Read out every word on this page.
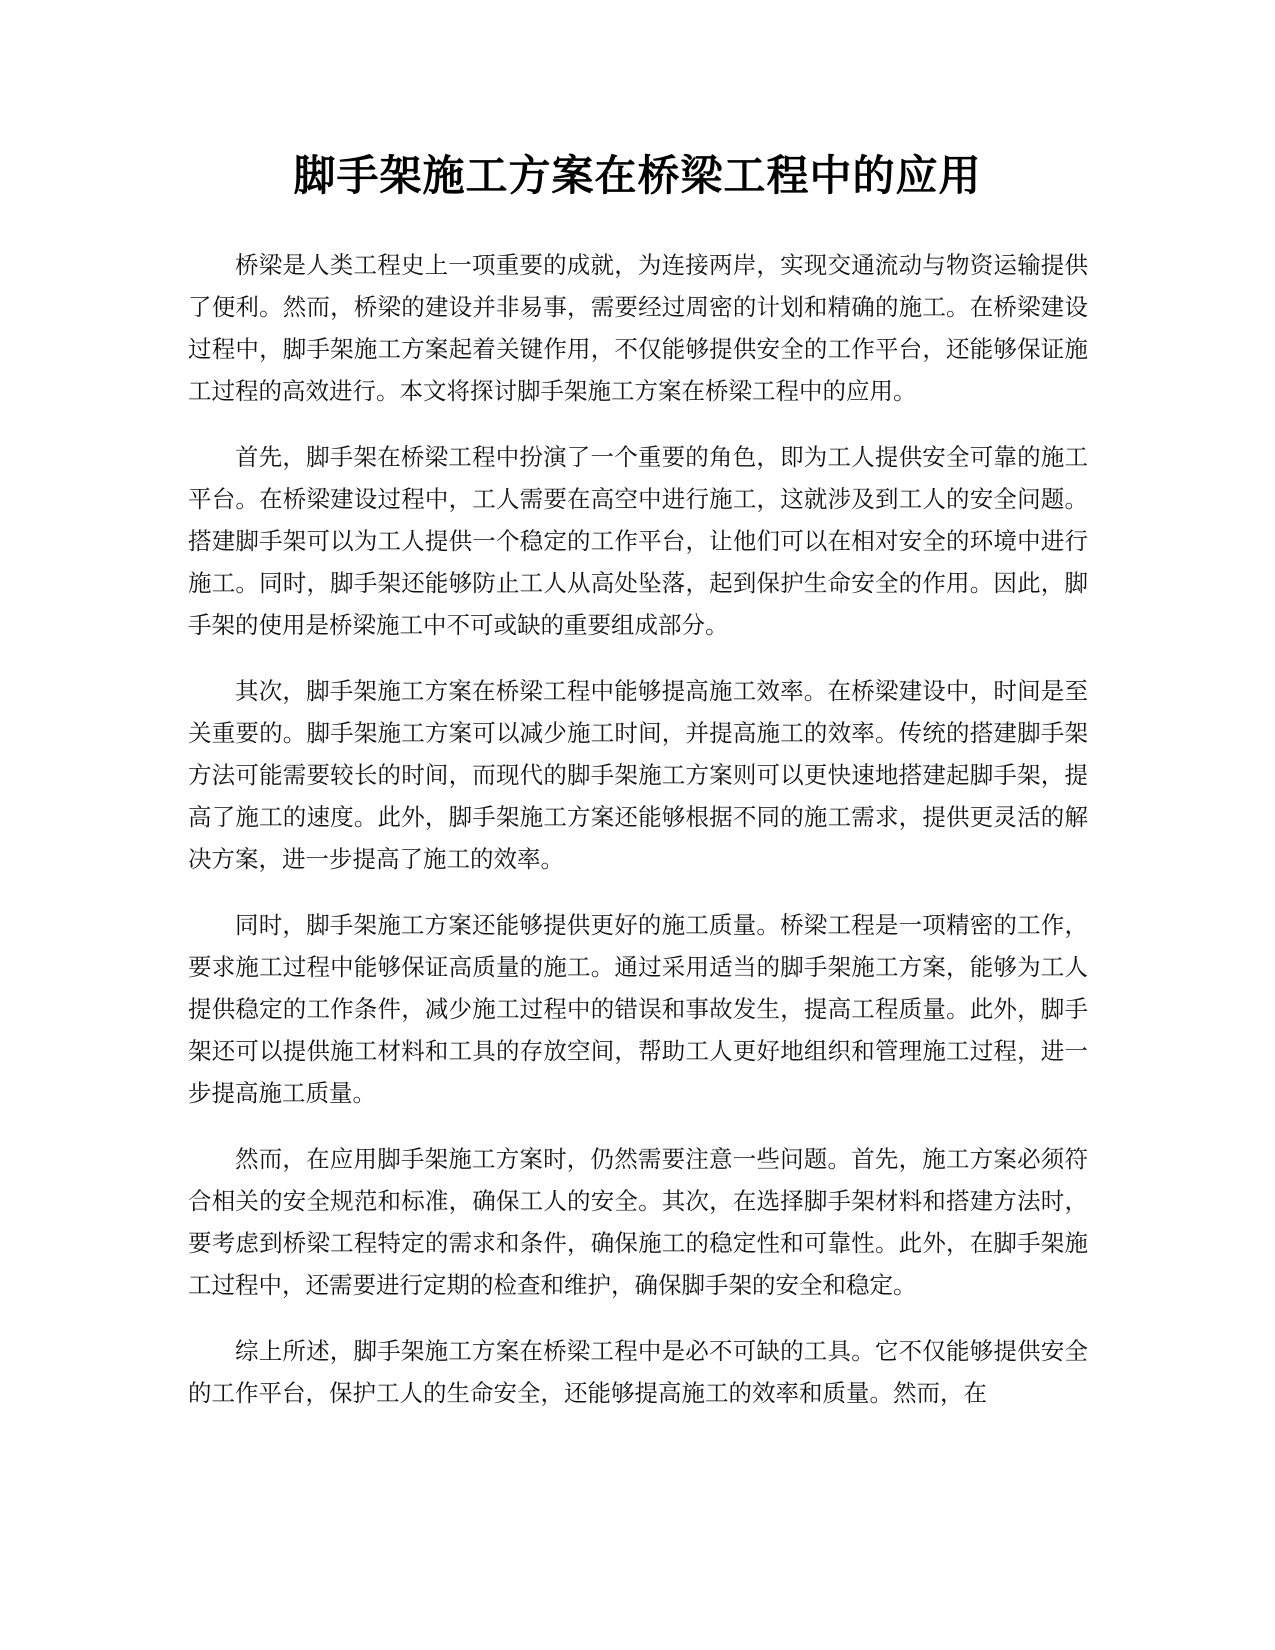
脚手架施工方案在桥梁工程中的应用

桥梁是人类工程史上一项重要的成就，为连接两岸，实现交通流动与物资运输提供了便利。然而，桥梁的建设并非易事，需要经过周密的计划和精确的施工。在桥梁建设过程中，脚手架施工方案起着关键作用，不仅能够提供安全的工作平台，还能够保证施工过程的高效进行。本文将探讨脚手架施工方案在桥梁工程中的应用。

首先，脚手架在桥梁工程中扮演了一个重要的角色，即为工人提供安全可靠的施工平台。在桥梁建设过程中，工人需要在高空中进行施工，这就涉及到工人的安全问题。搭建脚手架可以为工人提供一个稳定的工作平台，让他们可以在相对安全的环境中进行施工。同时，脚手架还能够防止工人从高处坠落，起到保护生命安全的作用。因此，脚手架的使用是桥梁施工中不可或缺的重要组成部分。

其次，脚手架施工方案在桥梁工程中能够提高施工效率。在桥梁建设中，时间是至关重要的。脚手架施工方案可以减少施工时间，并提高施工的效率。传统的搭建脚手架方法可能需要较长的时间，而现代的脚手架施工方案则可以更快速地搭建起脚手架，提高了施工的速度。此外，脚手架施工方案还能够根据不同的施工需求，提供更灵活的解决方案，进一步提高了施工的效率。

同时，脚手架施工方案还能够提供更好的施工质量。桥梁工程是一项精密的工作，要求施工过程中能够保证高质量的施工。通过采用适当的脚手架施工方案，能够为工人提供稳定的工作条件，减少施工过程中的错误和事故发生，提高工程质量。此外，脚手架还可以提供施工材料和工具的存放空间，帮助工人更好地组织和管理施工过程，进一步提高施工质量。

然而，在应用脚手架施工方案时，仍然需要注意一些问题。首先，施工方案必须符合相关的安全规范和标准，确保工人的安全。其次，在选择脚手架材料和搭建方法时，要考虑到桥梁工程特定的需求和条件，确保施工的稳定性和可靠性。此外，在脚手架施工过程中，还需要进行定期的检查和维护，确保脚手架的安全和稳定。

综上所述，脚手架施工方案在桥梁工程中是必不可缺的工具。它不仅能够提供安全的工作平台，保护工人的生命安全，还能够提高施工的效率和质量。然而，在
